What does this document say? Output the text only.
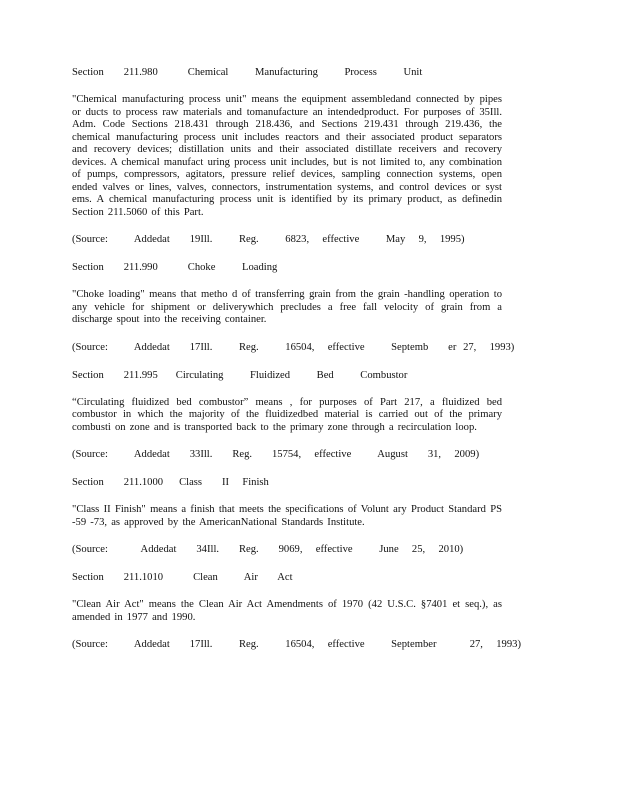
Section   211.980	Chemical    Manufacturing    Process    Unit

"Chemical manufacturing process unit" means the equipment assembledand connected by pipes or ducts to process raw materials and tomanufacture an intendedproduct. For purposes of 35Ill. Adm. Code Sections 218.431 through 218.436, and Sections 219.431 through 219.436, the chemical manufacturing process unit includes reactors and their associated product separators and recovery devices; distillation units and their associated distillate receivers and recovery devices. A chemical manufact uring process unit includes, but is not limited to, any combination of pumps, compressors, agitators, pressure relief devices, sampling connection systems, open ended valves or lines, valves, connectors, instrumentation systems, and control devices or syst ems. A chemical manufacturing process unit is identified by its primary product, as definedin Section 211.5060 of this Part.

(Source:    Addedat   19Ill.    Reg.    6823,  effective    May  9,  1995)
Section   211.990	Choke    Loading

"Choke loading" means that metho d of transferring grain from the grain -handling operation to any vehicle for shipment or deliverywhich precludes a free fall velocity of grain from a discharge spout into the receiving container.

(Source:    Addedat   17Ill.    Reg.    16504,  effective    Septemb   er 27,  1993)
Section   211.995 Circulating    Fluidized    Bed    Combustor

“Circulating fluidized bed combustor” means , for purposes of Part 217, a fluidized bed combustor in which the majority of the fluidizedbed material is carried out of the primary combusti on zone and is transported back to the primary zone through a recirculation loop.

(Source:    Addedat   33Ill.   Reg.   15754,  effective    August   31,  2009)
Section   211.1000 Class   II  Finish

"Class II Finish" means a finish that meets the specifications of Volunt ary Product Standard PS -59 -73, as approved by the AmericanNational Standards Institute.

(Source:     Addedat   34Ill.   Reg.   9069,  effective    June  25,  2010)
Section   211.1010	Clean    Air   Act

"Clean Air Act" means the Clean Air Act Amendments of 1970 (42 U.S.C. §7401 et seq.), as amended in 1977 and 1990.

(Source:    Addedat   17Ill.    Reg.    16504,  effective    September     27,  1993)
